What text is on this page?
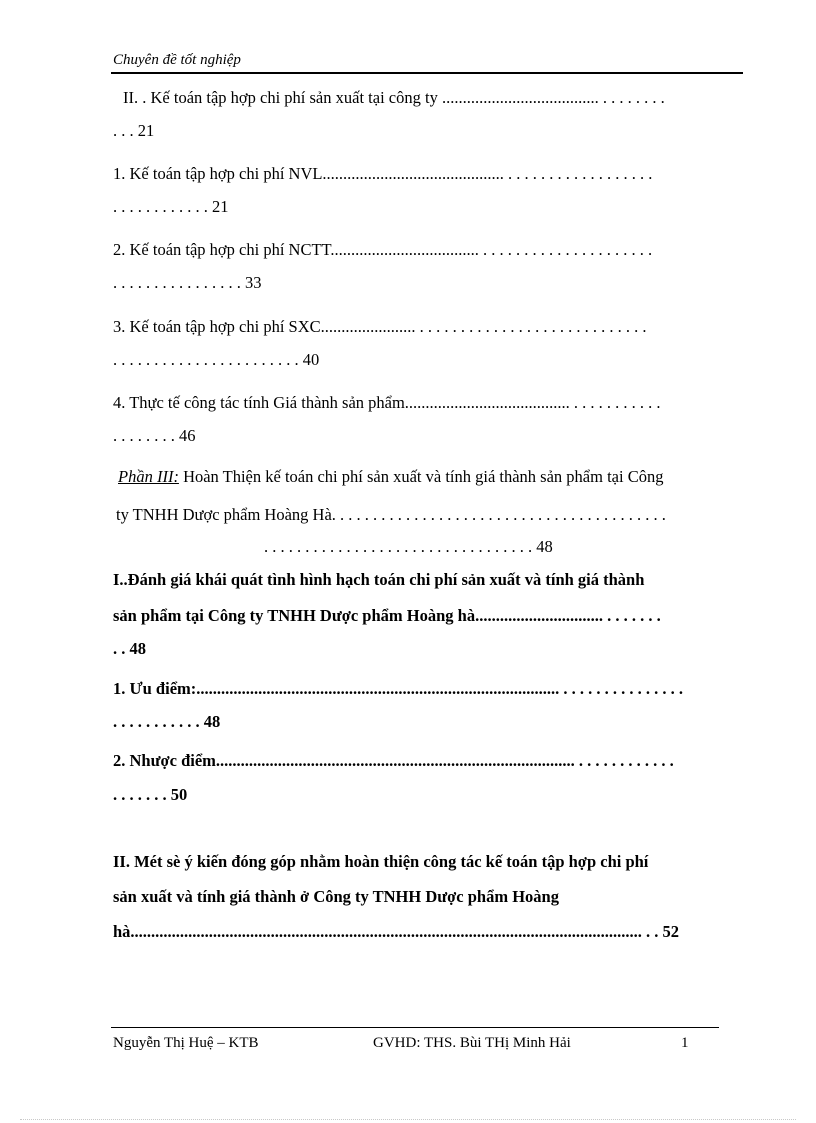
Chuyên đề tốt nghiệp
II. . Kế toán tập hợp chi phí sản xuất tại công ty ...................................... . . . . . . . .
. . . 21
1. Kế toán tập hợp chi phí NVL............................................ . . . . . . . . . . . . . . . . . .
. . . . . . . . . . . . 21
2. Kế toán tập hợp chi phí NCTT.................................... . . . . . . . . . . . . . . . . . . . . .
. . . . . . . . . . . . . . . . 33
3. Kế toán tập hợp chi phí SXC....................... . . . . . . . . . . . . . . . . . . . . . . . . . . . .
. . . . . . . . . . . . . . . . . . . . . . . 40
4. Thực tế công tác tính Giá thành sản phẩm........................................ . . . . . . . . . . .
. . . . . . . . 46
Phần III: Hoàn Thiện kế toán chi phí sản xuất và tính giá thành sản phẩm tại Công
ty TNHH Dược phẩm Hoàng Hà. . . . . . . . . . . . . . . . . . . . . . . . . . . . . . . . . . . . . . . . .
. . . . . . . . . . . . . . . . . . . . . . . . . . . . . . . . . 48
I..Đánh giá khái quát tình hình hạch toán chi phí sản xuất và tính giá thành
sản phẩm tại Công ty TNHH Dược phẩm Hoàng hà............................... . . . . . . .
. . 48
1. Ưu điểm:........................................................................................ . . . . . . . . . . . . . . .
. . . . . . . . . . . 48
2. Nhược điểm....................................................................................... . . . . . . . . . . . .
. . . . . . . 50
II. Mét sè ý kiến đóng góp nhằm hoàn thiện công tác kế toán tập hợp chi phí
sản xuất và tính giá thành ở Công ty TNHH Dược phẩm Hoàng
hà............................................................................................................................ . . 52
Nguyễn Thị Huệ – KTB	GVHD: THS. Bùi THị Minh Hải	1
